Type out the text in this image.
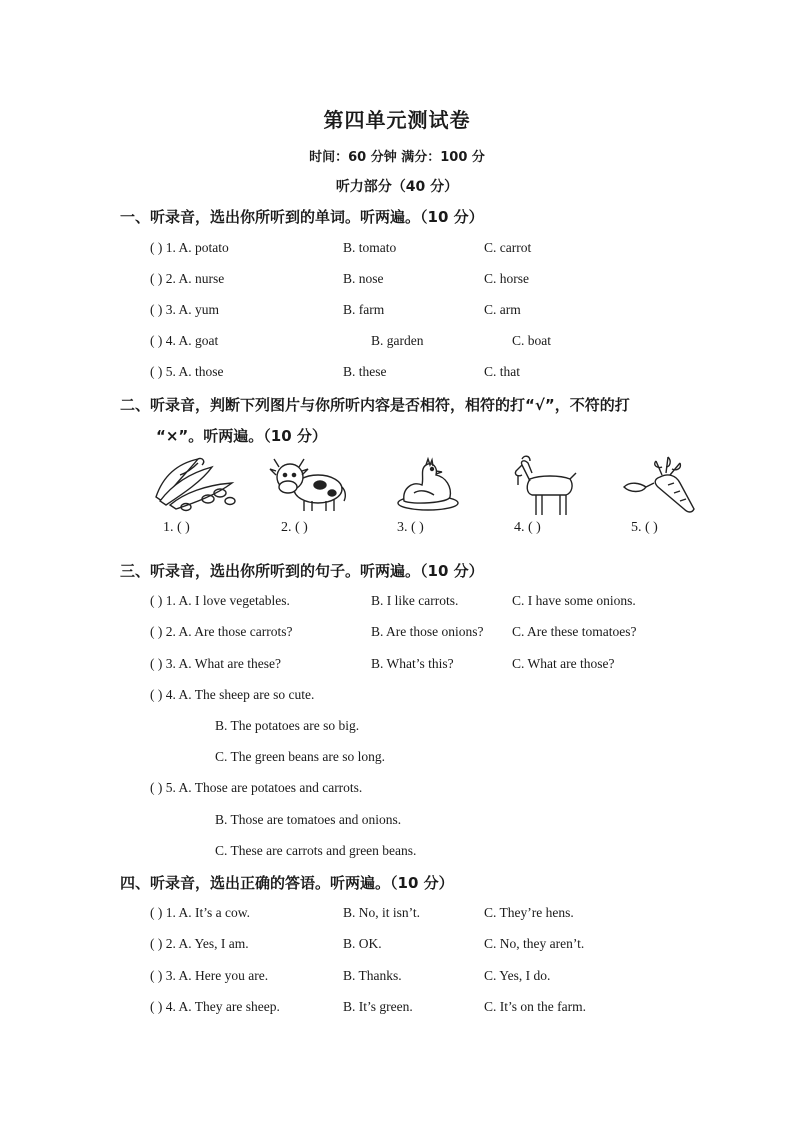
第四单元测试卷
时间：60 分钟 满分：100 分
听力部分（40 分）
一、听录音，选出你所听到的单词。听两遍。（10 分）
( ) 1. A. potato	B. tomato	C. carrot
( ) 2. A. nurse	B. nose	C. horse
( ) 3. A. yum	B. farm	C. arm
( ) 4. A. goat	B. garden	C. boat
( ) 5. A. those	B. these	C. that
二、听录音，判断下列图片与你所听内容是否相符，相符的打“√”，不符的打
“×”。听两遍。（10 分）
1. ( )	2. ( )	3. ( )	4. ( )	5. ( )
三、听录音，选出你所听到的句子。听两遍。（10 分）
( ) 1. A. I love vegetables.	B. I like carrots.	C. I have some onions.
( ) 2. A. Are those carrots?	B. Are those onions? C. Are these tomatoes?
( ) 3. A. What are these?	B. What’s this?	C. What are those?
( ) 4. A. The sheep are so cute.
B. The potatoes are so big.
C. The green beans are so long.
( ) 5. A. Those are potatoes and carrots.
B. Those are tomatoes and onions.
C. These are carrots and green beans.
四、听录音，选出正确的答语。听两遍。（10 分）
( ) 1. A. It’s a cow.	B. No, it isn’t.	C. They’re hens.
( ) 2. A. Yes, I am.	B. OK.	C. No, they aren’t.
( ) 3. A. Here you are.	B. Thanks.	C. Yes, I do.
( ) 4. A. They are sheep.	B. It’s green.	C. It’s on the farm.
